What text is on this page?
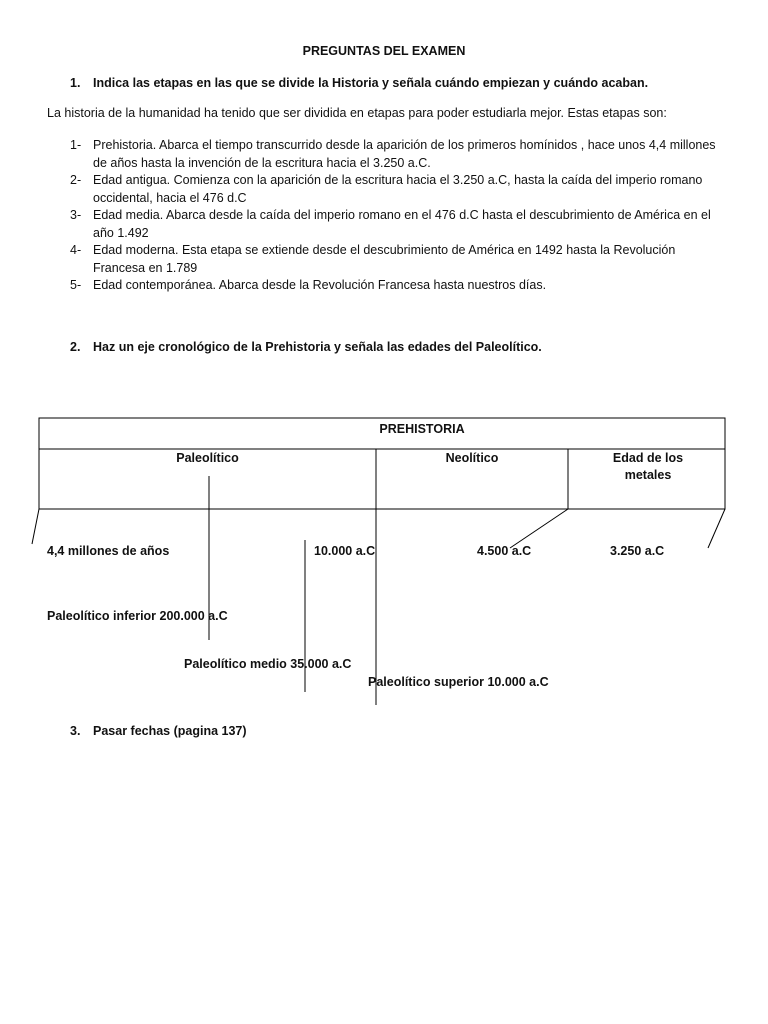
PREGUNTAS DEL EXAMEN
1. Indica las etapas en las que se divide la Historia y señala cuándo empiezan y cuándo acaban.
La historia de la humanidad ha tenido que ser dividida en etapas para poder estudiarla mejor. Estas etapas son:
1- Prehistoria. Abarca el tiempo transcurrido desde la aparición de los primeros homínidos , hace unos 4,4 millones de años hasta la invención de la escritura hacia el 3.250 a.C.
2- Edad antigua. Comienza con la aparición de la escritura hacia el 3.250 a.C, hasta la caída del imperio romano occidental, hacia el 476 d.C
3- Edad media. Abarca desde la caída del imperio romano en el 476 d.C hasta el descubrimiento de América en el año 1.492
4- Edad moderna. Esta etapa se extiende desde el descubrimiento de América en 1492 hasta la Revolución Francesa en 1.789
5- Edad contemporánea. Abarca desde la Revolución Francesa hasta nuestros días.
2. Haz un eje cronológico de la Prehistoria y señala las edades del Paleolítico.
PREHISTORIA
Paleolítico	Neolítico	Edad de los metales
4,4 millones de años	10.000 a.C	4.500 a.C	3.250 a.C
Paleolítico inferior 200.000 a.C
Paleolítico medio 35.000 a.C
Paleolítico superior 10.000 a.C
3. Pasar fechas (pagina 137)
